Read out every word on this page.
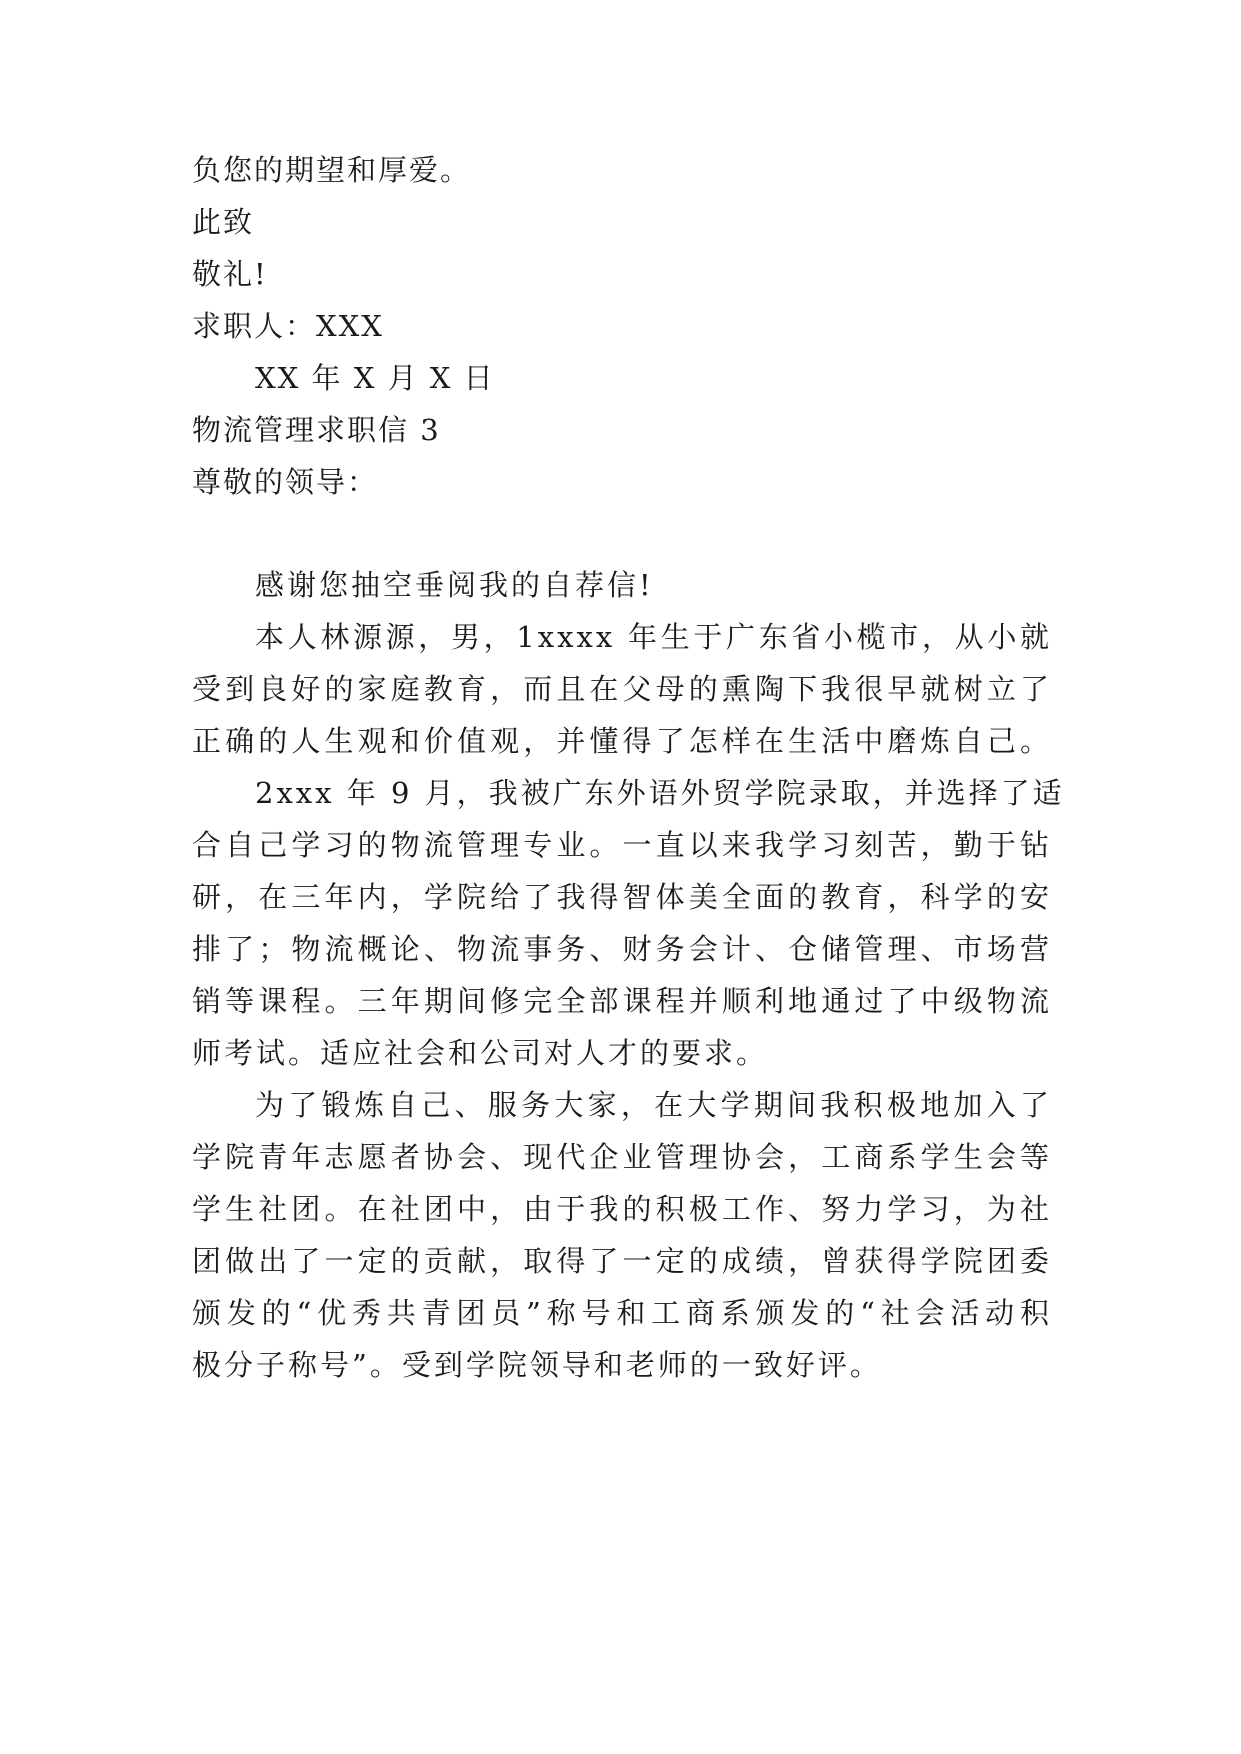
负您的期望和厚爱。
此致
敬礼!
求职人：XXX
XX 年 X 月 X 日
物流管理求职信 3
尊敬的领导：
感谢您抽空垂阅我的自荐信!
本人林源源，男，1xxxx 年生于广东省小榄市，从小就
受到良好的家庭教育，而且在父母的熏陶下我很早就树立了
正确的人生观和价值观，并懂得了怎样在生活中磨炼自己。
2xxx 年 9 月，我被广东外语外贸学院录取，并选择了适
合自己学习的物流管理专业。一直以来我学习刻苦，勤于钻
研，在三年内，学院给了我得智体美全面的教育，科学的安
排了；物流概论、物流事务、财务会计、仓储管理、市场营
销等课程。三年期间修完全部课程并顺利地通过了中级物流
师考试。适应社会和公司对人才的要求。
为了锻炼自己、服务大家，在大学期间我积极地加入了
学院青年志愿者协会、现代企业管理协会，工商系学生会等
学生社团。在社团中，由于我的积极工作、努力学习，为社
团做出了一定的贡献，取得了一定的成绩，曾获得学院团委
颁发的“优秀共青团员”称号和工商系颁发的“社会活动积
极分子称号”。受到学院领导和老师的一致好评。
